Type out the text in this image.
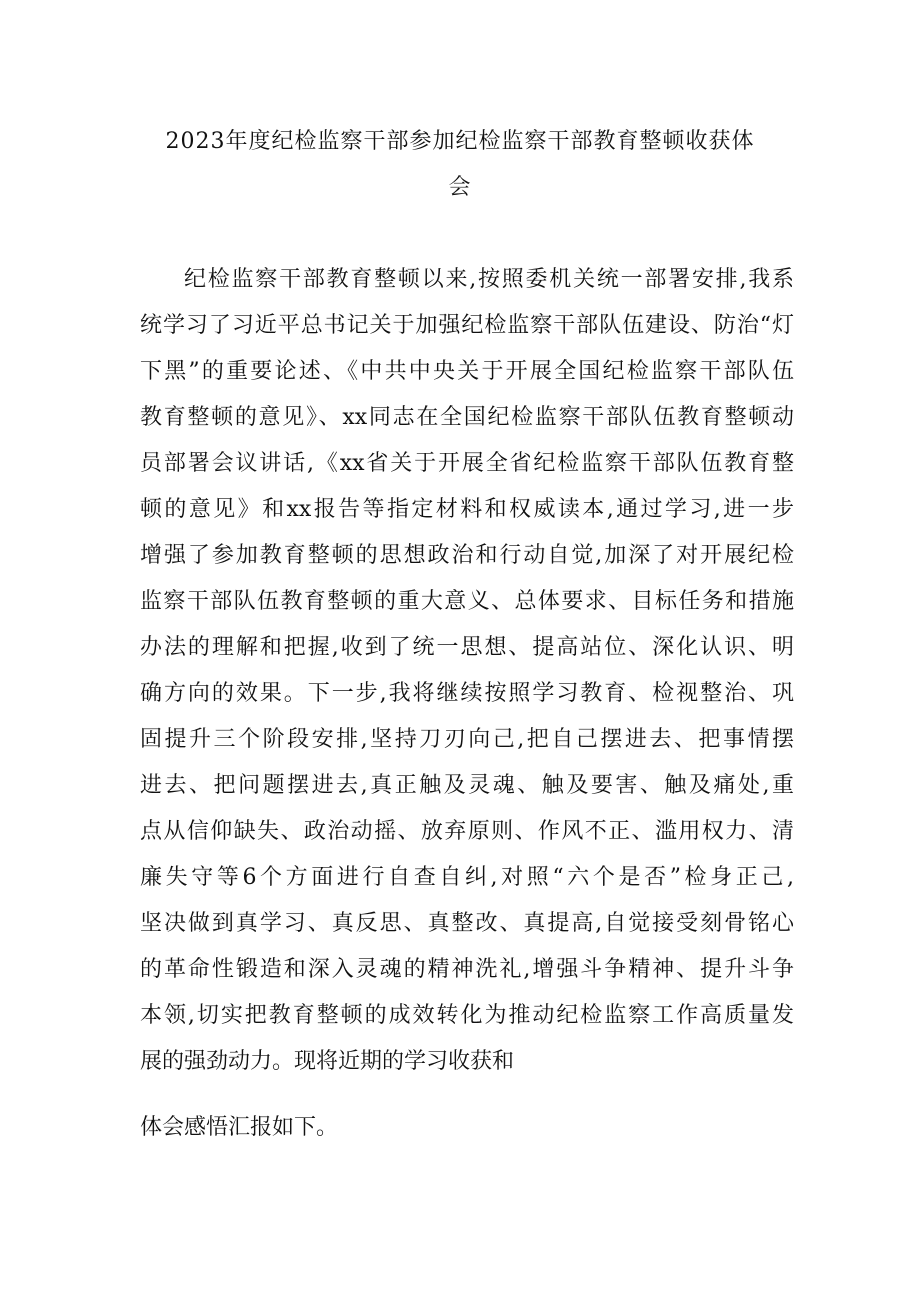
2023年度纪检监察干部参加纪检监察干部教育整顿收获体
会
纪检监察干部教育整顿以来,按照委机关统一部署安排,我系
统学习了习近平总书记关于加强纪检监察干部队伍建设、防治“灯
下黑”的重要论述、《中共中央关于开展全国纪检监察干部队伍
教育整顿的意见》、xx同志在全国纪检监察干部队伍教育整顿动
员部署会议讲话,《xx省关于开展全省纪检监察干部队伍教育整
顿的意见》和xx报告等指定材料和权威读本,通过学习,进一步
增强了参加教育整顿的思想政治和行动自觉,加深了对开展纪检
监察干部队伍教育整顿的重大意义、总体要求、目标任务和措施
办法的理解和把握,收到了统一思想、提高站位、深化认识、明
确方向的效果。下一步,我将继续按照学习教育、检视整治、巩
固提升三个阶段安排,坚持刀刃向己,把自己摆进去、把事情摆
进去、把问题摆进去,真正触及灵魂、触及要害、触及痛处,重
点从信仰缺失、政治动摇、放弃原则、作风不正、滥用权力、清
廉失守等6个方面进行自查自纠,对照“六个是否”检身正己,
坚决做到真学习、真反思、真整改、真提高,自觉接受刻骨铭心
的革命性锻造和深入灵魂的精神洗礼,增强斗争精神、提升斗争
本领,切实把教育整顿的成效转化为推动纪检监察工作高质量发
展的强劲动力。现将近期的学习收获和
体会感悟汇报如下。
